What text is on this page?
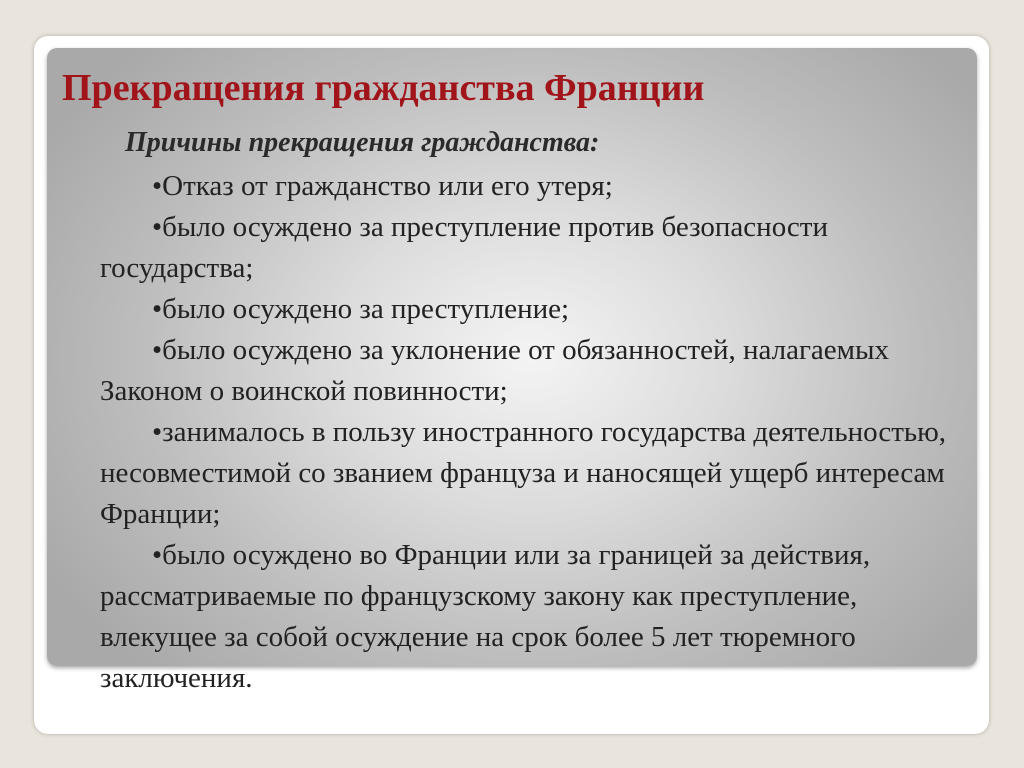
Прекращения гражданства Франции

Причины прекращения гражданства:

•Отказ от гражданство или его утеря;
•было осуждено за преступление против безопасности государства;
•было осуждено за преступление;
•было осуждено за уклонение от обязанностей, налагаемых Законом о воинской повинности;
•занималось в пользу иностранного государства деятельностью, несовместимой со званием француза и наносящей ущерб интересам Франции;
•было осуждено во Франции или за границей за действия, рассматриваемые по французскому закону как преступление, влекущее за собой осуждение на срок более 5 лет тюремного заключения.
